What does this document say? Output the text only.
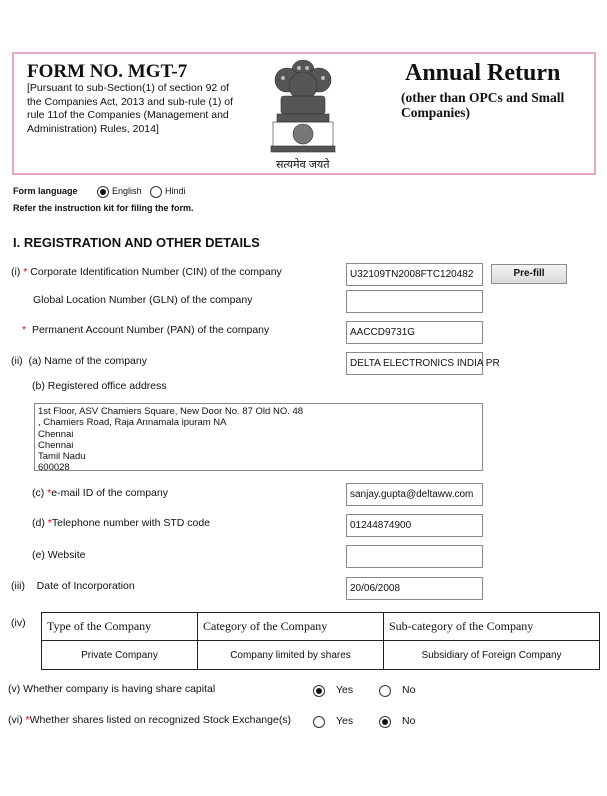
FORM NO. MGT-7
[Pursuant to sub-Section(1) of section 92 of the Companies Act, 2013 and sub-rule (1) of rule 11of the Companies (Management and Administration) Rules, 2014]
सत्यमेव जयते
Annual Return
(other than OPCs and Small Companies)
Form language	English	Hindi
Refer the instruction kit for filing the form.
I. REGISTRATION AND OTHER DETAILS
(i) * Corporate Identification Number (CIN) of the company	U32109TN2008FTC120482	Pre-fill
Global Location Number (GLN) of the company
* Permanent Account Number (PAN) of the company	AACCD9731G
(ii) (a) Name of the company	DELTA ELECTRONICS INDIA PR
(b) Registered office address
1st Floor, ASV Chamiers Square, New Door No. 87 Old NO. 48
, Chamiers Road, Raja Annamala ipuram NA
Chennai
Chennai
Tamil Nadu
600028
(c) *e-mail ID of the company	sanjay.gupta@deltaww.com
(d) *Telephone number with STD code	01244874900
(e) Website
(iii) Date of Incorporation	20/06/2008
(iv) Type of the Company	Category of the Company	Sub-category of the Company
Private Company	Company limited by shares	Subsidiary of Foreign Company
(v) Whether company is having share capital	Yes	No
(vi) *Whether shares listed on recognized Stock Exchange(s)	Yes	No
